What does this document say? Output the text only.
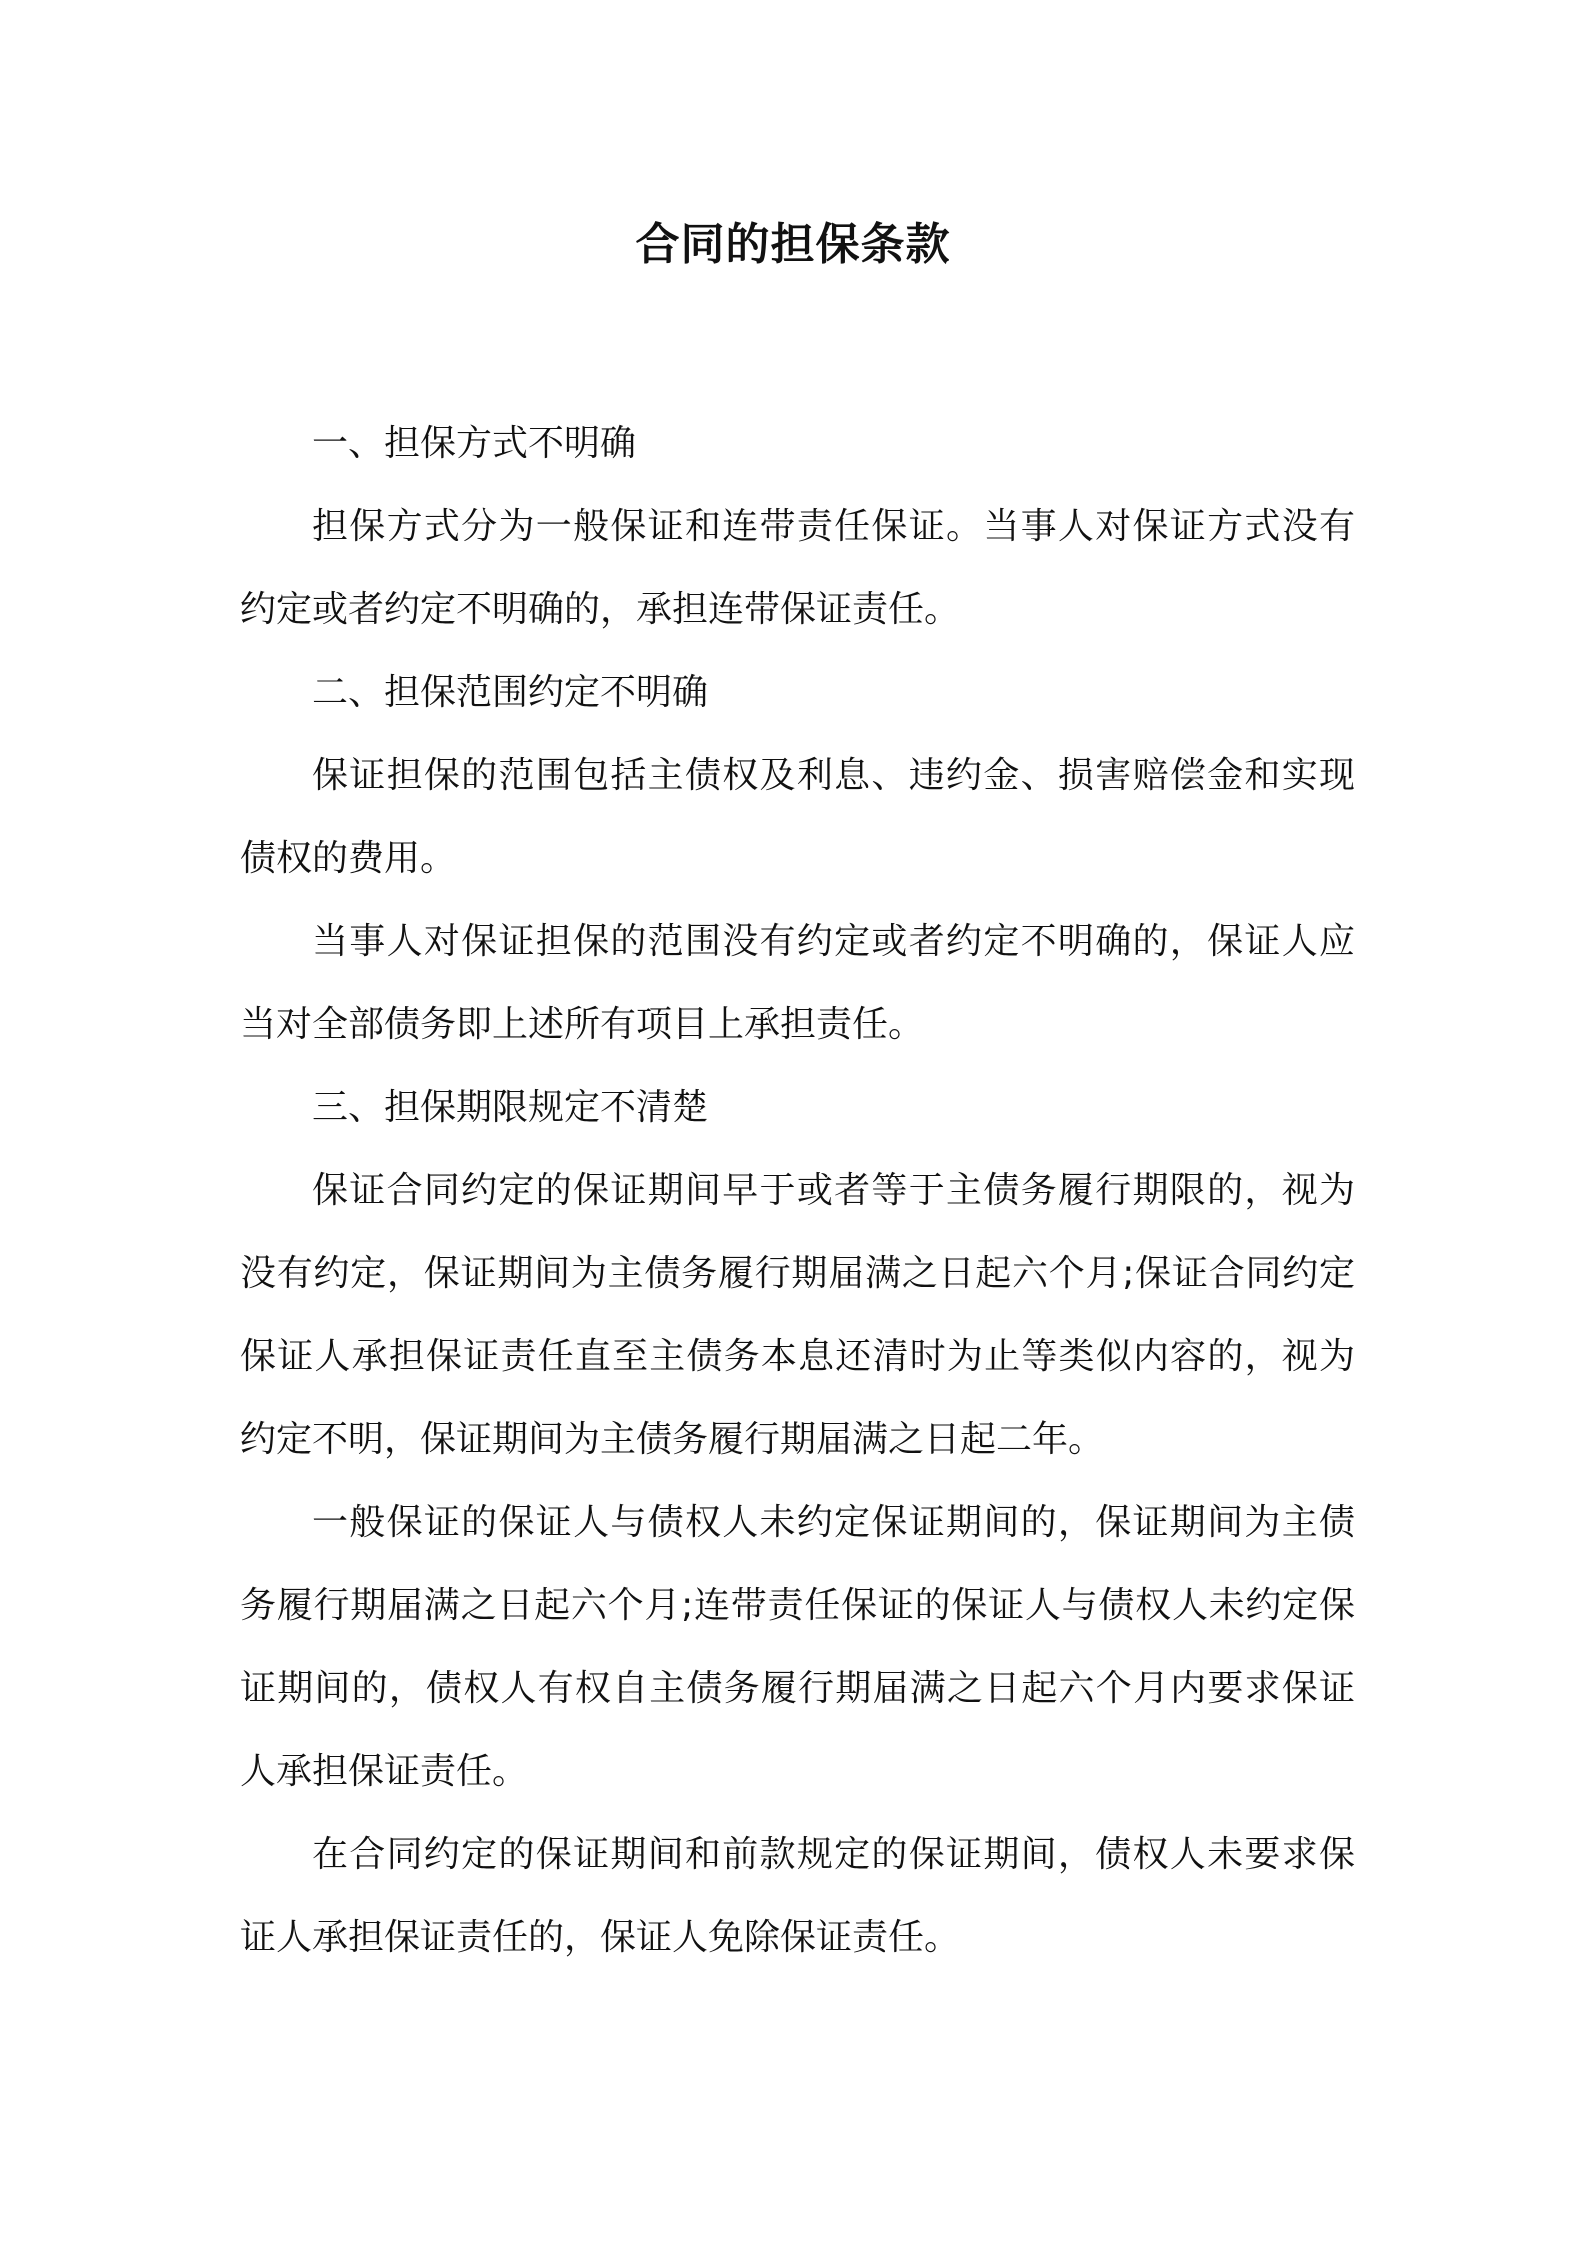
合同的担保条款

一、担保方式不明确

担保方式分为一般保证和连带责任保证。当事人对保证方式没有约定或者约定不明确的，承担连带保证责任。

二、担保范围约定不明确

保证担保的范围包括主债权及利息、违约金、损害赔偿金和实现债权的费用。

当事人对保证担保的范围没有约定或者约定不明确的，保证人应当对全部债务即上述所有项目上承担责任。

三、担保期限规定不清楚

保证合同约定的保证期间早于或者等于主债务履行期限的，视为没有约定，保证期间为主债务履行期届满之日起六个月;保证合同约定保证人承担保证责任直至主债务本息还清时为止等类似内容的，视为约定不明，保证期间为主债务履行期届满之日起二年。

一般保证的保证人与债权人未约定保证期间的，保证期间为主债务履行期届满之日起六个月;连带责任保证的保证人与债权人未约定保证期间的，债权人有权自主债务履行期届满之日起六个月内要求保证人承担保证责任。

在合同约定的保证期间和前款规定的保证期间，债权人未要求保证人承担保证责任的，保证人免除保证责任。
